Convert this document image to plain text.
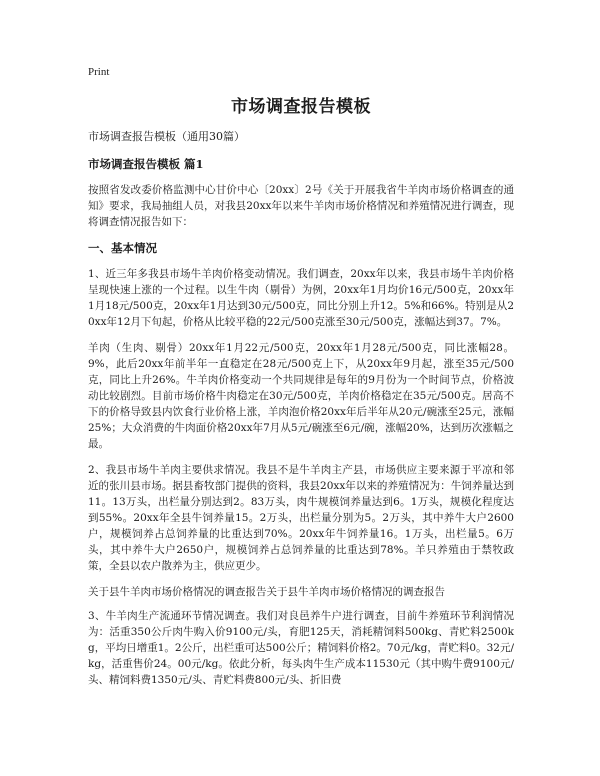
Print
市场调查报告模板

市场调查报告模板（通用30篇）

市场调查报告模板 篇1

按照省发改委价格监测中心甘价中心〔20xx〕2号《关于开展我省牛羊肉市场价格调查的通知》要求，我局抽组人员，对我县20xx年以来牛羊肉市场价格情况和养殖情况进行调查，现将调查情况报告如下：

一、基本情况

1、近三年多我县市场牛羊肉价格变动情况。我们调查，20xx年以来，我县市场牛羊肉价格呈现快速上涨的一个过程。以生牛肉（剔骨）为例，20xx年1月均价16元/500克，20xx年1月18元/500克，20xx年1月达到30元/500克，同比分别上升12。5%和66%。特别是从20xx年12月下旬起，价格从比较平稳的22元/500克涨至30元/500克，涨幅达到37。7%。

羊肉（生肉、剔骨）20xx年1月22元/500克，20xx年1月28元/500克，同比涨幅28。9%，此后20xx年前半年一直稳定在28元/500克上下，从20xx年9月起，涨至35元/500克，同比上升26%。牛羊肉价格变动一个共同规律是每年的9月份为一个时间节点，价格波动比较剧烈。目前市场价格牛肉稳定在30元/500克，羊肉价格稳定在35元/500克。居高不下的价格导致县内饮食行业价格上涨，羊肉泡价格20xx年后半年从20元/碗涨至25元，涨幅25%；大众消费的牛肉面价格20xx年7月从5元/碗涨至6元/碗，涨幅20%，达到历次涨幅之最。

2、我县市场牛羊肉主要供求情况。我县不是牛羊肉主产县，市场供应主要来源于平凉和邻近的张川县市场。据县畜牧部门提供的资料，我县20xx年以来的养殖情况为：牛饲养量达到11。13万头，出栏量分别达到2。83万头，肉牛规模饲养量达到6。1万头，规模化程度达到55%。20xx年全县牛饲养量15。2万头，出栏量分别为5。2万头，其中养牛大户2600户，规模饲养占总饲养量的比重达到70%。20xx年牛饲养量16。1万头，出栏量5。6万头，其中养牛大户2650户，规模饲养占总饲养量的比重达到78%。羊只养殖由于禁牧政策，全县以农户散养为主，供应更少。

关于县牛羊肉市场价格情况的调查报告关于县牛羊肉市场价格情况的调查报告

3、牛羊肉生产流通环节情况调查。我们对良邑养牛户进行调查，目前牛养殖环节利润情况为：活重350公斤肉牛购入价9100元/头，育肥125天，消耗精饲料500kg、青贮料2500kg，平均日增重1。2公斤，出栏重可达500公斤；精饲料价格2。70元/kg，青贮料0。32元/kg，活重售价24。00元/kg。依此分析，每头肉牛生产成本11530元（其中购牛费9100元/头、精饲料费1350元/头、青贮料费800元/头、折旧费
